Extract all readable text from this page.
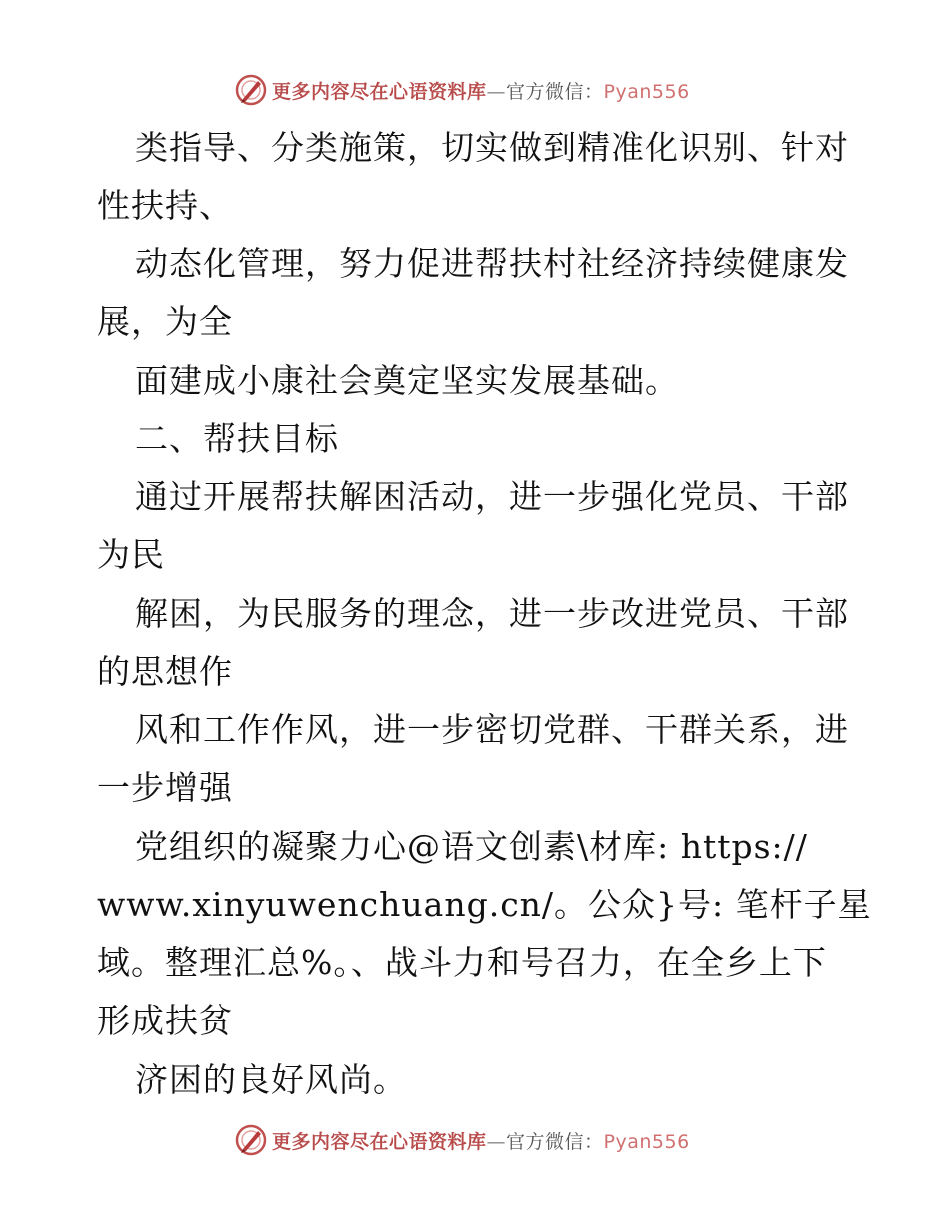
更多内容尽在心语资料库—官方微信：Pyan556
类指导、分类施策，切实做到精准化识别、针对
性扶持、
动态化管理，努力促进帮扶村社经济持续健康发
展，为全
面建成小康社会奠定坚实发展基础。
二、帮扶目标
通过开展帮扶解困活动，进一步强化党员、干部
为民
解困，为民服务的理念，进一步改进党员、干部
的思想作
风和工作作风，进一步密切党群、干群关系，进
一步增强
党组织的凝聚力心@语文创素\材库: https://
www.xinyuwenchuang.cn/。公众}号: 笔杆子星
域。整理汇总%。、战斗力和号召力，在全乡上下
形成扶贫
济困的良好风尚。
更多内容尽在心语资料库—官方微信：Pyan556
